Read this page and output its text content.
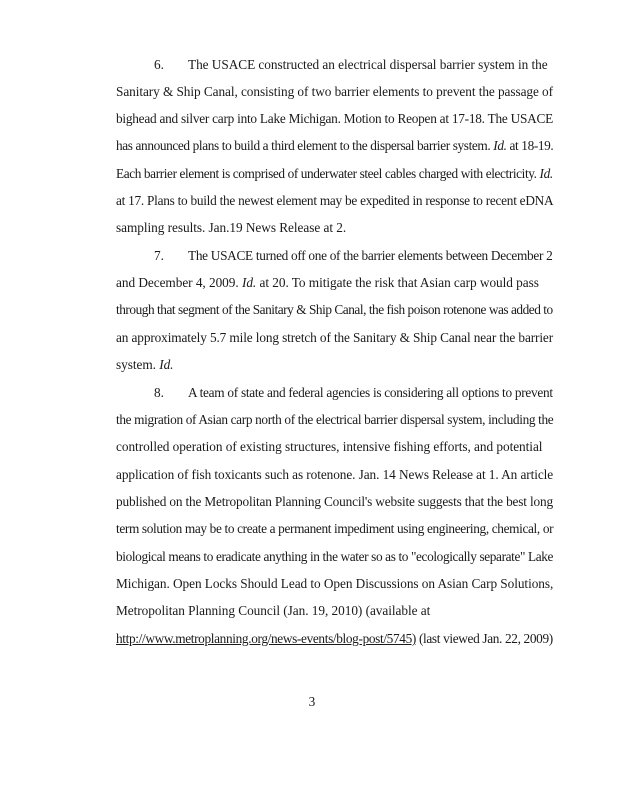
6. The USACE constructed an electrical dispersal barrier system in the
Sanitary & Ship Canal, consisting of two barrier elements to prevent the passage of
bighead and silver carp into Lake Michigan. Motion to Reopen at 17-18. The USACE
has announced plans to build a third element to the dispersal barrier system. Id. at 18-19.
Each barrier element is comprised of underwater steel cables charged with electricity. Id.
at 17. Plans to build the newest element may be expedited in response to recent eDNA
sampling results. Jan.19 News Release at 2.
7. The USACE turned off one of the barrier elements between December 2
and December 4, 2009. Id. at 20. To mitigate the risk that Asian carp would pass
through that segment of the Sanitary & Ship Canal, the fish poison rotenone was added to
an approximately 5.7 mile long stretch of the Sanitary & Ship Canal near the barrier
system. Id.
8. A team of state and federal agencies is considering all options to prevent
the migration of Asian carp north of the electrical barrier dispersal system, including the
controlled operation of existing structures, intensive fishing efforts, and potential
application of fish toxicants such as rotenone. Jan. 14 News Release at 1. An article
published on the Metropolitan Planning Council's website suggests that the best long
term solution may be to create a permanent impediment using engineering, chemical, or
biological means to eradicate anything in the water so as to "ecologically separate" Lake
Michigan. Open Locks Should Lead to Open Discussions on Asian Carp Solutions,
Metropolitan Planning Council (Jan. 19, 2010) (available at
http://www.metroplanning.org/news-events/blog-post/5745) (last viewed Jan. 22, 2009)
3
